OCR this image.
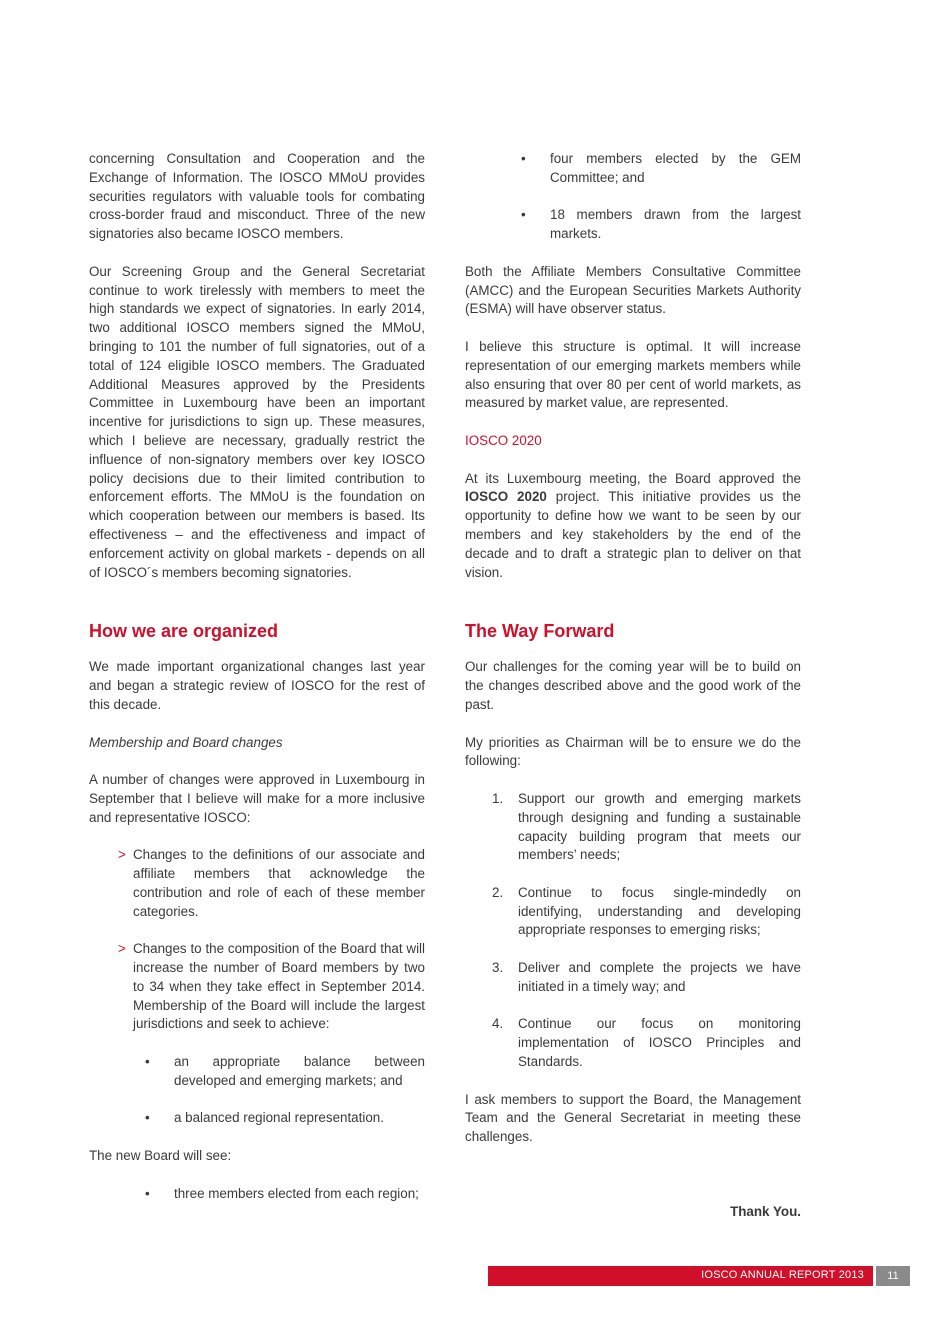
concerning Consultation and Cooperation and the Exchange of Information. The IOSCO MMoU provides securities regulators with valuable tools for combating cross-border fraud and misconduct. Three of the new signatories also became IOSCO members.

Our Screening Group and the General Secretariat continue to work tirelessly with members to meet the high standards we expect of signatories. In early 2014, two additional IOSCO members signed the MMoU, bringing to 101 the number of full signatories, out of a total of 124 eligible IOSCO members. The Graduated Additional Measures approved by the Presidents Committee in Luxembourg have been an important incentive for jurisdictions to sign up. These measures, which I believe are necessary, gradually restrict the influence of non-signatory members over key IOSCO policy decisions due to their limited contribution to enforcement efforts. The MMoU is the foundation on which cooperation between our members is based. Its effectiveness – and the effectiveness and impact of enforcement activity on global markets - depends on all of IOSCO´s members becoming signatories.

How we are organized

We made important organizational changes last year and began a strategic review of IOSCO for the rest of this decade.

Membership and Board changes

A number of changes were approved in Luxembourg in September that I believe will make for a more inclusive and representative IOSCO:

> Changes to the definitions of our associate and affiliate members that acknowledge the contribution and role of each of these member categories.
> Changes to the composition of the Board that will increase the number of Board members by two to 34 when they take effect in September 2014. Membership of the Board will include the largest jurisdictions and seek to achieve:
• an appropriate balance between developed and emerging markets; and
• a balanced regional representation.

The new Board will see:

• three members elected from each region;
• four members elected by the GEM Committee; and
• 18 members drawn from the largest markets.

Both the Affiliate Members Consultative Committee (AMCC) and the European Securities Markets Authority (ESMA) will have observer status.

I believe this structure is optimal. It will increase representation of our emerging markets members while also ensuring that over 80 per cent of world markets, as measured by market value, are represented.

IOSCO 2020

At its Luxembourg meeting, the Board approved the IOSCO 2020 project. This initiative provides us the opportunity to define how we want to be seen by our members and key stakeholders by the end of the decade and to draft a strategic plan to deliver on that vision.

The Way Forward

Our challenges for the coming year will be to build on the changes described above and the good work of the past.

My priorities as Chairman will be to ensure we do the following:

1. Support our growth and emerging markets through designing and funding a sustainable capacity building program that meets our members’ needs;
2. Continue to focus single-mindedly on identifying, understanding and developing appropriate responses to emerging risks;
3. Deliver and complete the projects we have initiated in a timely way; and
4. Continue our focus on monitoring implementation of IOSCO Principles and Standards.

I ask members to support the Board, the Management Team and the General Secretariat in meeting these challenges.

Thank You.

IOSCO ANNUAL REPORT 2013	11
